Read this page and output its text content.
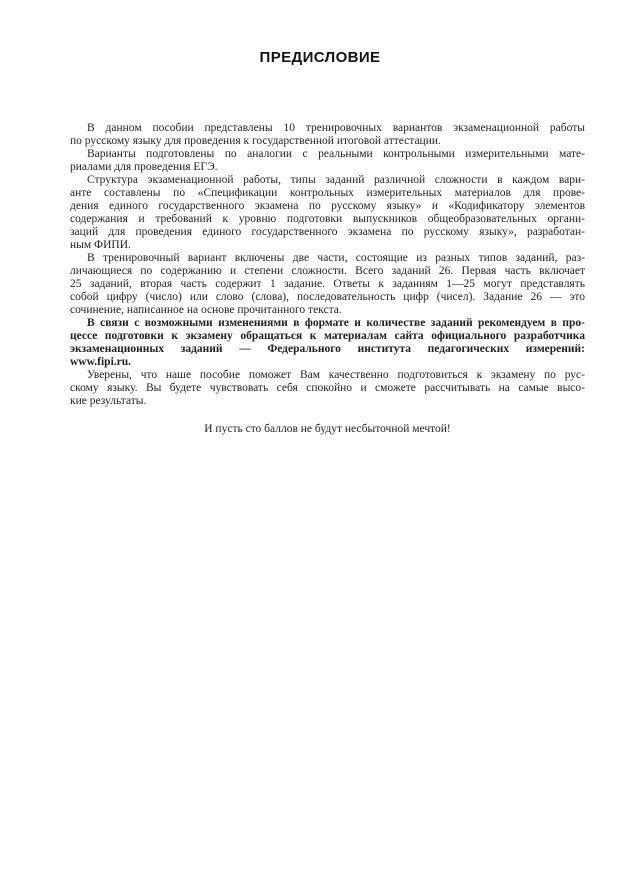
ПРЕДИСЛОВИЕ
В данном пособии представлены 10 тренировочных вариантов экзаменационной работы
по русскому языку для проведения к государственной итоговой аттестации.
Варианты подготовлены по аналогии с реальными контрольными измерительными мате-
риалами для проведения ЕГЭ.
Структура экзаменационной работы, типы заданий различной сложности в каждом вари-
анте составлены по «Спецификации контрольных измерительных материалов для прове-
дения единого государственного экзамена по русскому языку» и «Кодификатору элементов
содержания и требований к уровню подготовки выпускников общеобразовательных органи-
заций для проведения единого государственного экзамена по русскому языку», разработан-
ным ФИПИ.
В тренировочный вариант включены две части, состоящие из разных типов заданий, раз-
личающиеся по содержанию и степени сложности. Всего заданий 26. Первая часть включает
25 заданий, вторая часть содержит 1 задание. Ответы к заданиям 1—25 могут представлять
собой цифру (число) или слово (слова), последовательность цифр (чисел). Задание 26 — это
сочинение, написанное на основе прочитанного текста.
В связи с возможными изменениями в формате и количестве заданий рекомендуем в про-
цессе подготовки к экзамену обращаться к материалам сайта официального разработчика
экзаменационных заданий — Федерального института педагогических измерений:
www.fipi.ru.
Уверены, что наше пособие поможет Вам качественно подготовиться к экзамену по рус-
скому языку. Вы будете чувствовать себя спокойно и сможете рассчитывать на самые высо-
кие результаты.
И пусть сто баллов не будут несбыточной мечтой!
